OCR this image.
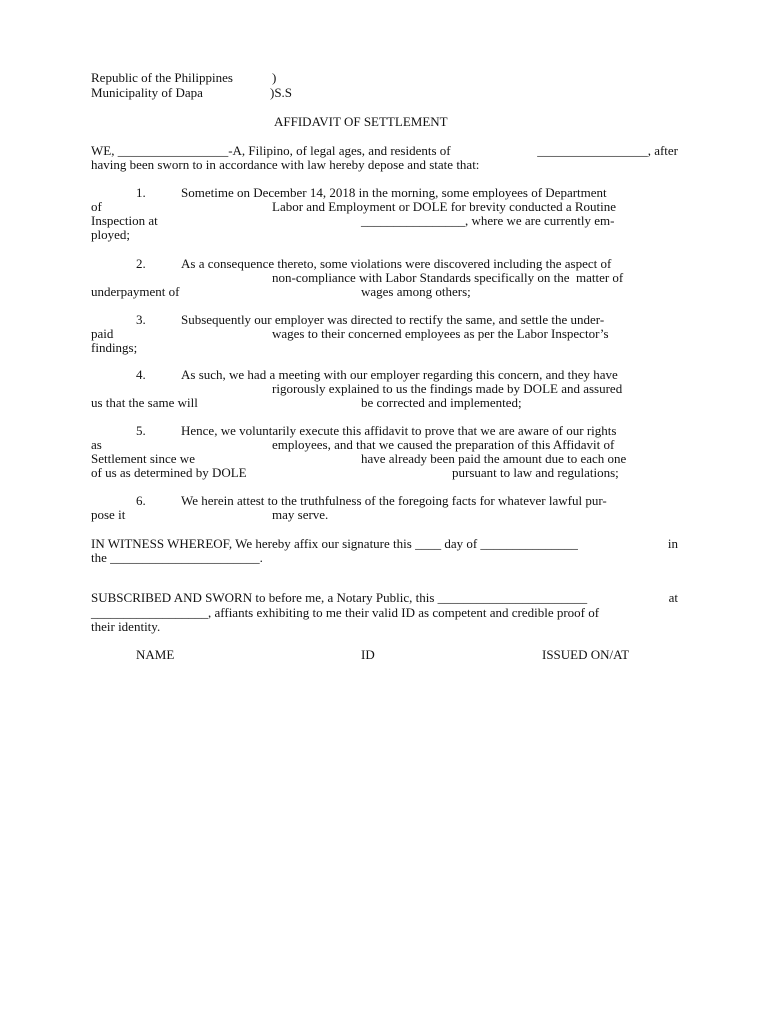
Republic of the Philippines	)
Municipality of Dapa	)S.S
AFFIDAVIT OF SETTLEMENT
WE, _________________-A, Filipino, of legal ages, and residents of	_________________, after
having been sworn to in accordance with law hereby depose and state that:
1.	Sometime on December 14, 2018 in the morning, some employees of Department
of	Labor and Employment or DOLE for brevity conducted a Routine
Inspection at	________________, where we are currently em-
ployed;
2.	As a consequence thereto, some violations were discovered including the aspect of
non-compliance with Labor Standards specifically on the  matter of
underpayment of	wages among others;
3.	Subsequently our employer was directed to rectify the same, and settle the under-
paid	wages to their concerned employees as per the Labor Inspector’s
findings;
4.	As such, we had a meeting with our employer regarding this concern, and they have
rigorously explained to us the findings made by DOLE and assured
us that the same will	be corrected and implemented;
5.	Hence, we voluntarily execute this affidavit to prove that we are aware of our rights
as	employees, and that we caused the preparation of this Affidavit of
Settlement since we	have already been paid the amount due to each one
of us as determined by DOLE	pursuant to law and regulations;
6.	We herein attest to the truthfulness of the foregoing facts for whatever lawful pur-
pose it	may serve.
IN WITNESS WHEREOF, We hereby affix our signature this ____ day of _______________	in
the _______________________.
SUBSCRIBED AND SWORN to before me, a Notary Public, this _______________________	at
__________________, affiants exhibiting to me their valid ID as competent and credible proof of
their identity.
NAME	ID	ISSUED ON/AT
